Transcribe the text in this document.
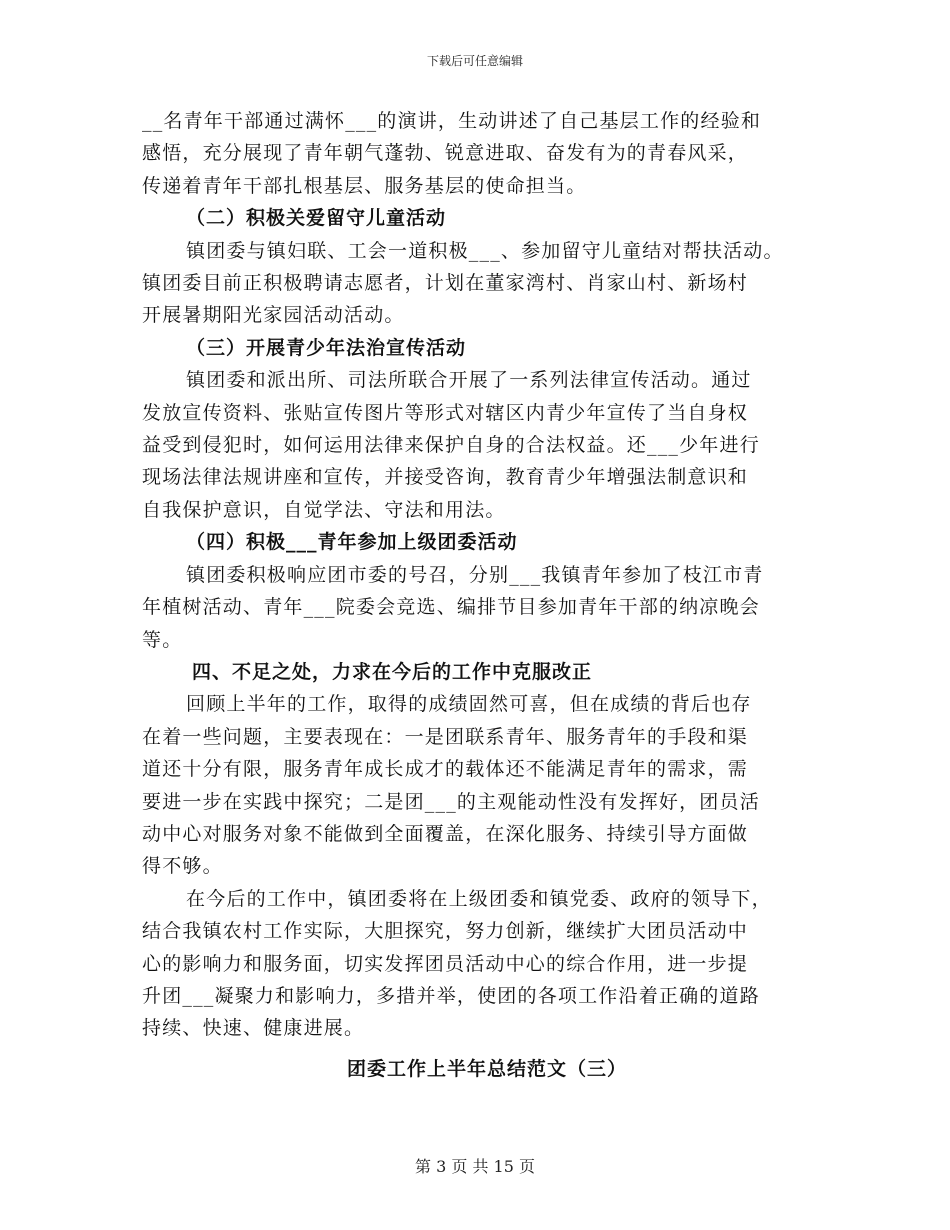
下载后可任意编辑
__名青年干部通过满怀___的演讲，生动讲述了自己基层工作的经验和
感悟，充分展现了青年朝气蓬勃、锐意进取、奋发有为的青春风采，
传递着青年干部扎根基层、服务基层的使命担当。
（二）积极关爱留守儿童活动
镇团委与镇妇联、工会一道积极___、参加留守儿童结对帮扶活动。
镇团委目前正积极聘请志愿者，计划在董家湾村、肖家山村、新场村
开展暑期阳光家园活动活动。
（三）开展青少年法治宣传活动
镇团委和派出所、司法所联合开展了一系列法律宣传活动。通过
发放宣传资料、张贴宣传图片等形式对辖区内青少年宣传了当自身权
益受到侵犯时，如何运用法律来保护自身的合法权益。还___少年进行
现场法律法规讲座和宣传，并接受咨询，教育青少年增强法制意识和
自我保护意识，自觉学法、守法和用法。
（四）积极___青年参加上级团委活动
镇团委积极响应团市委的号召，分别___我镇青年参加了枝江市青
年植树活动、青年___院委会竞选、编排节目参加青年干部的纳凉晚会
等。
四、不足之处，力求在今后的工作中克服改正
回顾上半年的工作，取得的成绩固然可喜，但在成绩的背后也存
在着一些问题，主要表现在：一是团联系青年、服务青年的手段和渠
道还十分有限，服务青年成长成才的载体还不能满足青年的需求，需
要进一步在实践中探究；二是团___的主观能动性没有发挥好，团员活
动中心对服务对象不能做到全面覆盖，在深化服务、持续引导方面做
得不够。
在今后的工作中，镇团委将在上级团委和镇党委、政府的领导下，
结合我镇农村工作实际，大胆探究，努力创新，继续扩大团员活动中
心的影响力和服务面，切实发挥团员活动中心的综合作用，进一步提
升团___凝聚力和影响力，多措并举，使团的各项工作沿着正确的道路
持续、快速、健康进展。
团委工作上半年总结范文（三）
第 3 页 共 15 页
